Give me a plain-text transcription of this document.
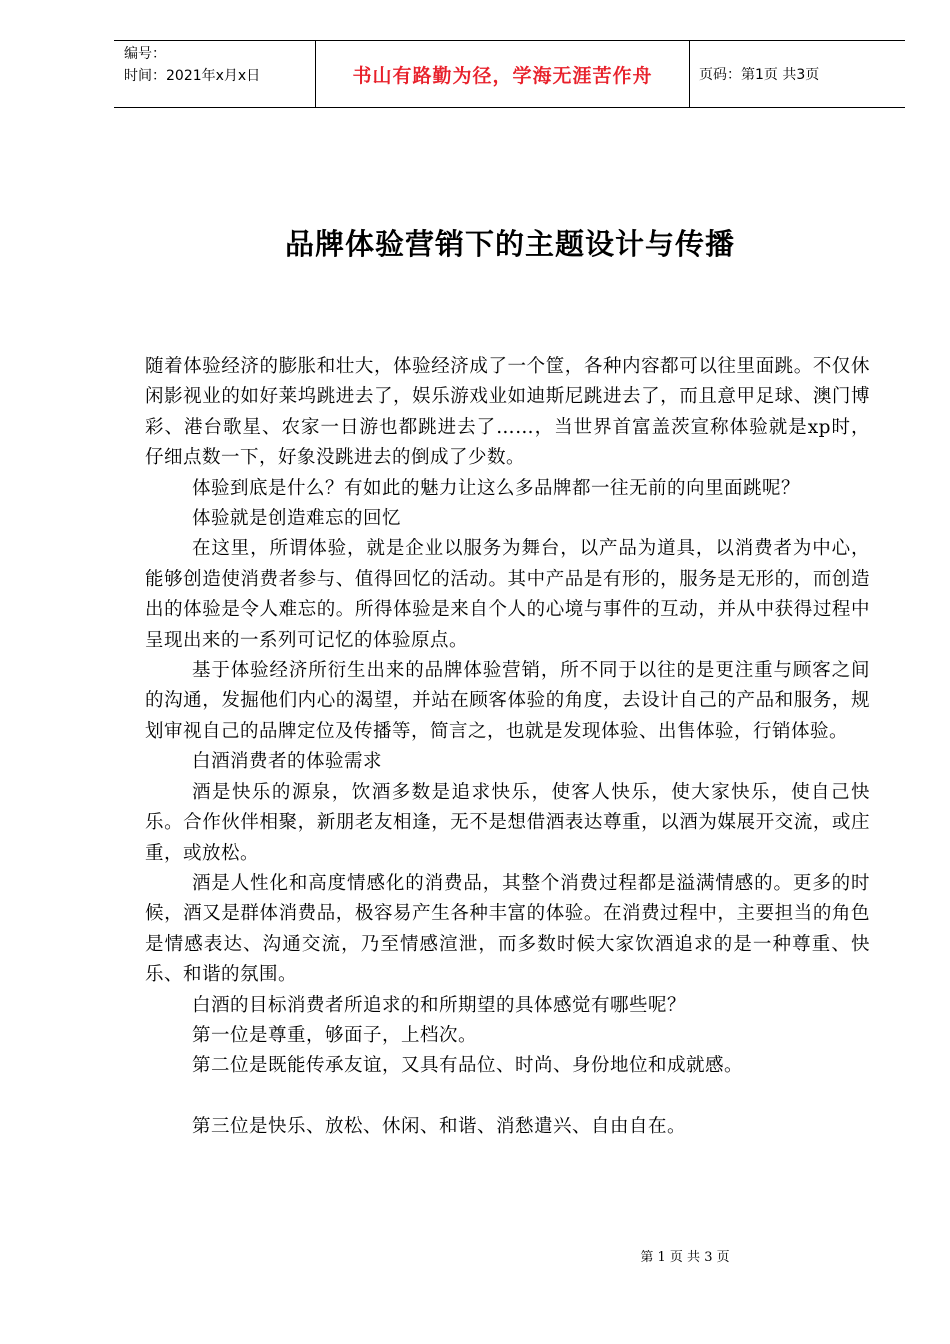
编号：
时间：2021年x月x日	书山有路勤为径，学海无涯苦作舟	页码：第1页 共3页
品牌体验营销下的主题设计与传播

随着体验经济的膨胀和壮大，体验经济成了一个筐，各种内容都可以往里面跳。不仅休闲影视业的如好莱坞跳进去了，娱乐游戏业如迪斯尼跳进去了，而且意甲足球、澳门博彩、港台歌星、农家一日游也都跳进去了……，当世界首富盖茨宣称体验就是xp时，仔细点数一下，好象没跳进去的倒成了少数。

体验到底是什么？有如此的魅力让这么多品牌都一往无前的向里面跳呢？

体验就是创造难忘的回忆

在这里，所谓体验，就是企业以服务为舞台，以产品为道具，以消费者为中心，能够创造使消费者参与、值得回忆的活动。其中产品是有形的，服务是无形的，而创造出的体验是令人难忘的。所得体验是来自个人的心境与事件的互动，并从中获得过程中呈现出来的一系列可记忆的体验原点。

基于体验经济所衍生出来的品牌体验营销，所不同于以往的是更注重与顾客之间的沟通，发掘他们内心的渴望，并站在顾客体验的角度，去设计自己的产品和服务，规划审视自己的品牌定位及传播等，简言之，也就是发现体验、出售体验，行销体验。

白酒消费者的体验需求

酒是快乐的源泉，饮酒多数是追求快乐，使客人快乐，使大家快乐，使自己快乐。合作伙伴相聚，新朋老友相逢，无不是想借酒表达尊重，以酒为媒展开交流，或庄重，或放松。

酒是人性化和高度情感化的消费品，其整个消费过程都是溢满情感的。更多的时候，酒又是群体消费品，极容易产生各种丰富的体验。在消费过程中，主要担当的角色是情感表达、沟通交流，乃至情感渲泄，而多数时候大家饮酒追求的是一种尊重、快乐、和谐的氛围。

白酒的目标消费者所追求的和所期望的具体感觉有哪些呢？

第一位是尊重，够面子，上档次。

第二位是既能传承友谊，又具有品位、时尚、身份地位和成就感。

第三位是快乐、放松、休闲、和谐、消愁遣兴、自由自在。

第 1 页 共 3 页
